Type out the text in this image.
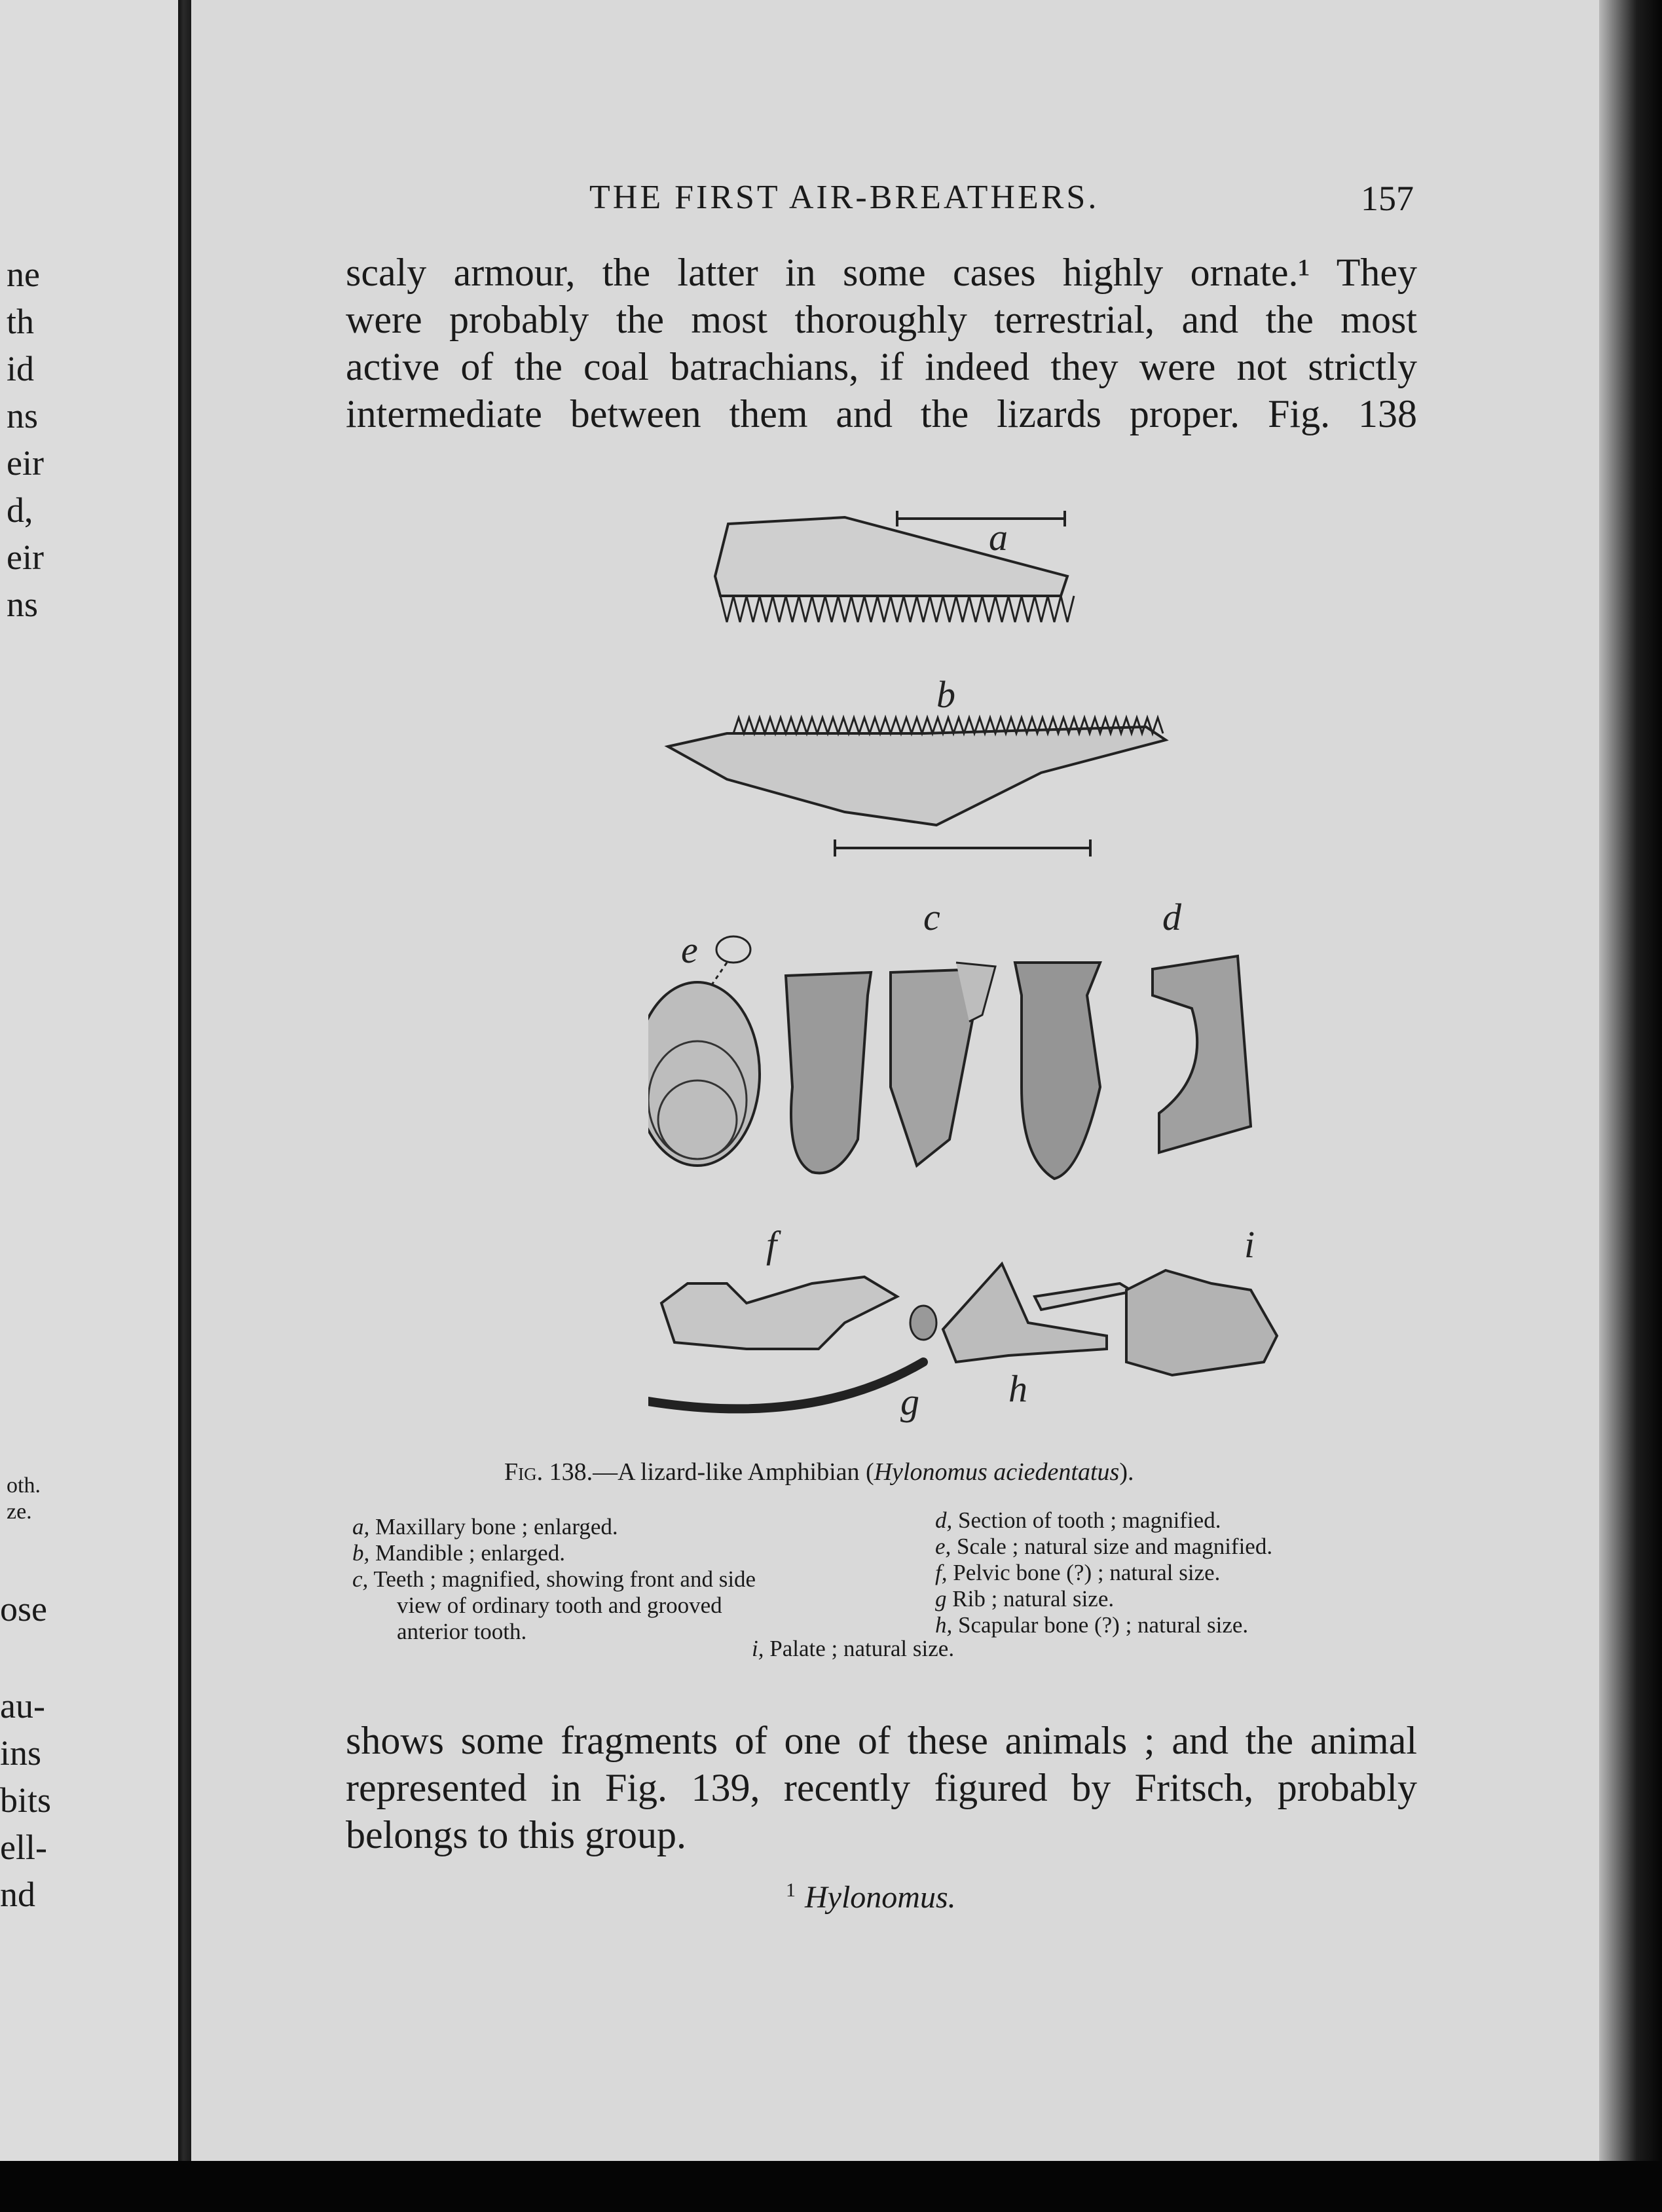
ne
th
id
ns
eir
d,
eir
ns
oth.
ze.
ose
au-
ins
bits
ell-
nd
THE FIRST AIR-BREATHERS.	157

scaly armour, the latter in some cases highly ornate.¹ They

were probably the most thoroughly terrestrial, and the most

active of the coal batrachians, if indeed they were not strictly

intermediate between them and the lizards proper. Fig. 138

a
b
e
c	d
f
g h
i
Fig. 138.—A lizard-like Amphibian (Hylonomus aciedentatus).
a, Maxillary bone ; enlarged.
b, Mandible ; enlarged.
c, Teeth ; magnified, showing front and side
view of ordinary tooth and grooved
anterior tooth.
d, Section of tooth ; magnified.
e, Scale ; natural size and magnified.
f, Pelvic bone (?) ; natural size.
g Rib ; natural size.
h, Scapular bone (?) ; natural size.
i, Palate ; natural size.

shows some fragments of one of these animals ; and the animal

represented in Fig. 139, recently figured by Fritsch, probably

belongs to this group.

$^1$ Hylonomus.
